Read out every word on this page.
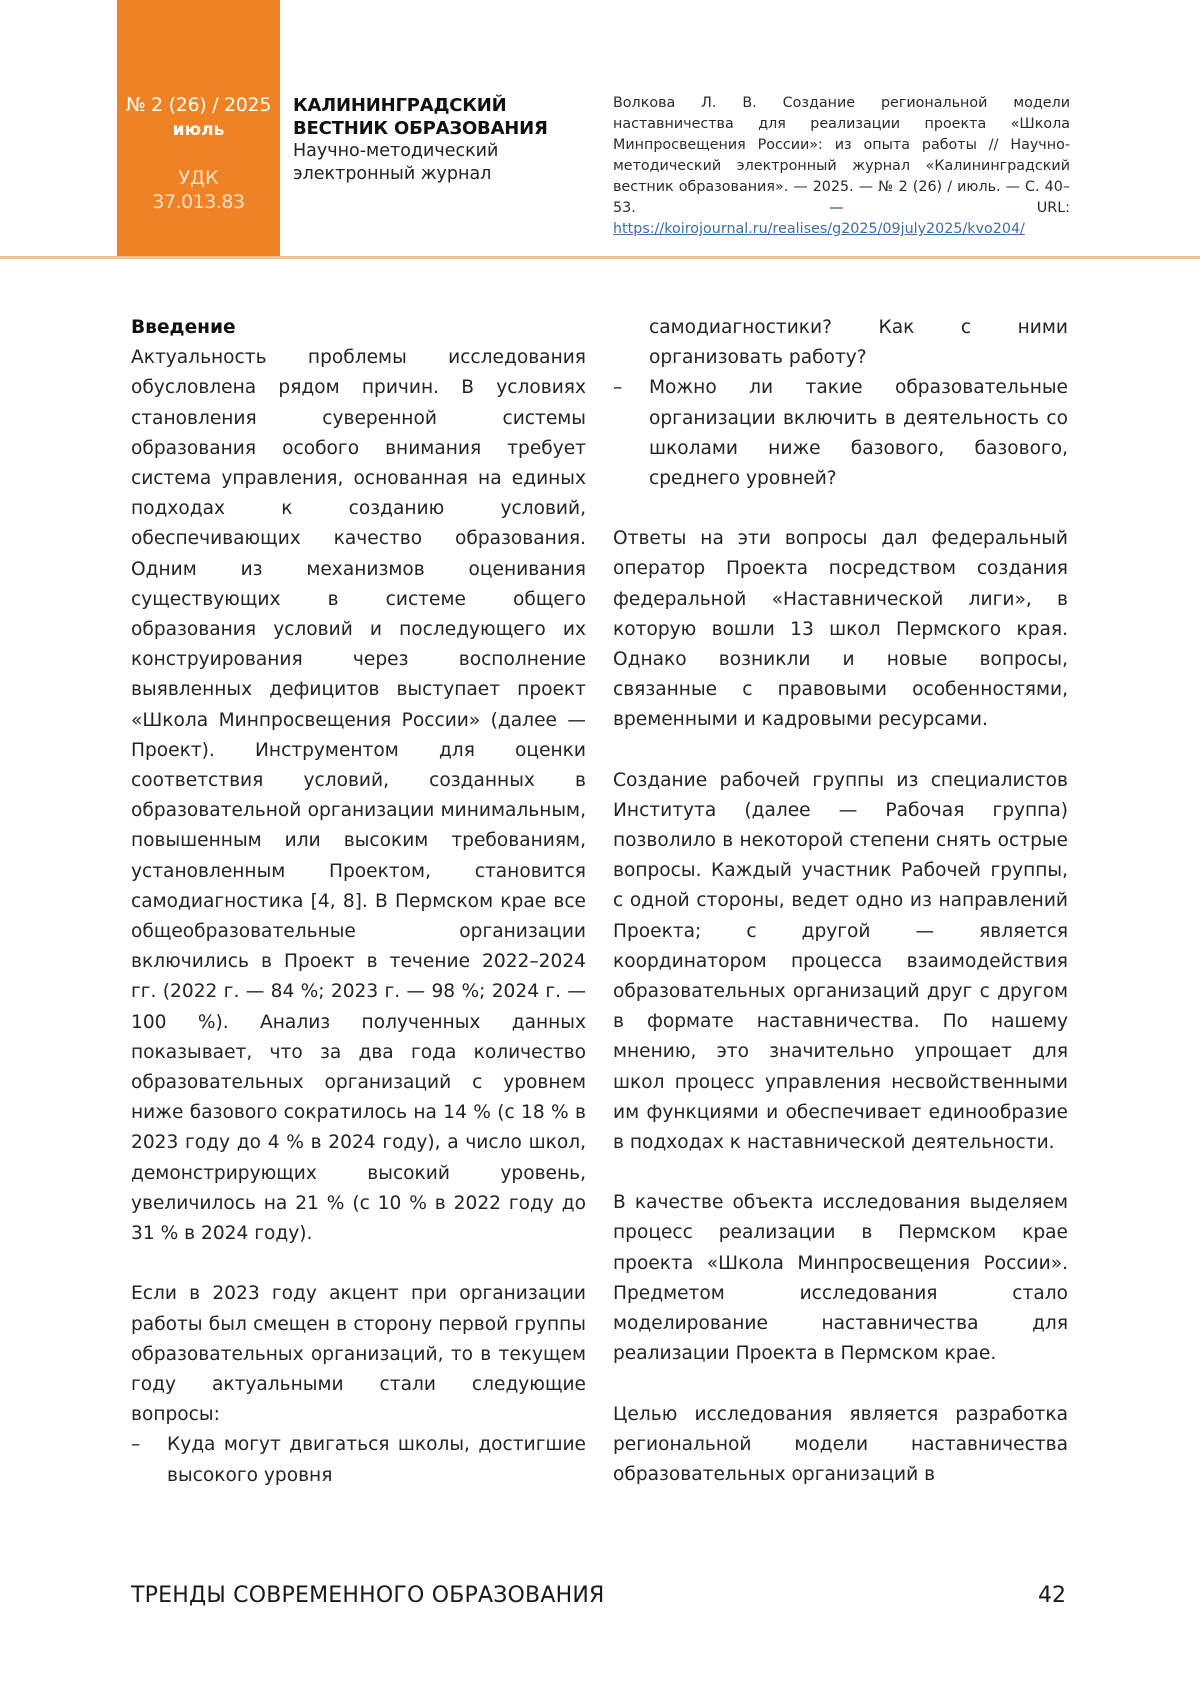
№ 2 (26) / 2025
июль
УДК
37.013.83
КАЛИНИНГРАДСКИЙ
ВЕСТНИК ОБРАЗОВАНИЯ
Научно-методический
электронный журнал
Волкова Л. В. Создание региональной модели наставничества для реализации проекта «Школа Минпросвещения России»: из опыта работы // Научно-методический электронный журнал «Калининградский вестник образования». — 2025. — № 2 (26) / июль. — С. 40–53. — URL: https://koirojournal.ru/realises/g2025/09july2025/kvo204/
Введение

Актуальность проблемы исследования обусловлена рядом причин. В условиях становления суверенной системы образования особого внимания требует система управления, основанная на единых подходах к созданию условий, обеспечивающих качество образования. Одним из механизмов оценивания существующих в системе общего образования условий и последующего их конструирования через восполнение выявленных дефицитов выступает проект «Школа Минпросвещения России» (далее — Проект). Инструментом для оценки соответствия условий, созданных в образовательной организации минимальным, повышенным или высоким требованиям, установленным Проектом, становится самодиагностика [4, 8]. В Пермском крае все общеобразовательные организации включились в Проект в течение 2022–2024 гг. (2022 г. — 84 %; 2023 г. — 98 %; 2024 г. — 100 %). Анализ полученных данных показывает, что за два года количество образовательных организаций с уровнем ниже базового сократилось на 14 % (с 18 % в 2023 году до 4 % в 2024 году), а число школ, демонстрирующих высокий уровень, увеличилось на 21 % (с 10 % в 2022 году до 31 % в 2024 году).

Если в 2023 году акцент при организации работы был смещен в сторону первой группы образовательных организаций, то в текущем году актуальными стали следующие вопросы:

– Куда могут двигаться школы, достигшие высокого уровня
самодиагностики? Как с ними организовать работу?
– Можно ли такие образовательные организации включить в деятельность со школами ниже базового, базового, среднего уровней?

Ответы на эти вопросы дал федеральный оператор Проекта посредством создания федеральной «Наставнической лиги», в которую вошли 13 школ Пермского края. Однако возникли и новые вопросы, связанные с правовыми особенностями, временными и кадровыми ресурсами.

Создание рабочей группы из специалистов Института (далее — Рабочая группа) позволило в некоторой степени снять острые вопросы. Каждый участник Рабочей группы, с одной стороны, ведет одно из направлений Проекта; с другой — является координатором процесса взаимодействия образовательных организаций друг с другом в формате наставничества. По нашему мнению, это значительно упрощает для школ процесс управления несвойственными им функциями и обеспечивает единообразие в подходах к наставнической деятельности.

В качестве объекта исследования выделяем процесс реализации в Пермском крае проекта «Школа Минпросвещения России». Предметом исследования стало моделирование наставничества для реализации Проекта в Пермском крае.

Целью исследования является разработка региональной модели наставничества образовательных организаций в

ТРЕНДЫ СОВРЕМЕННОГО ОБРАЗОВАНИЯ	42
